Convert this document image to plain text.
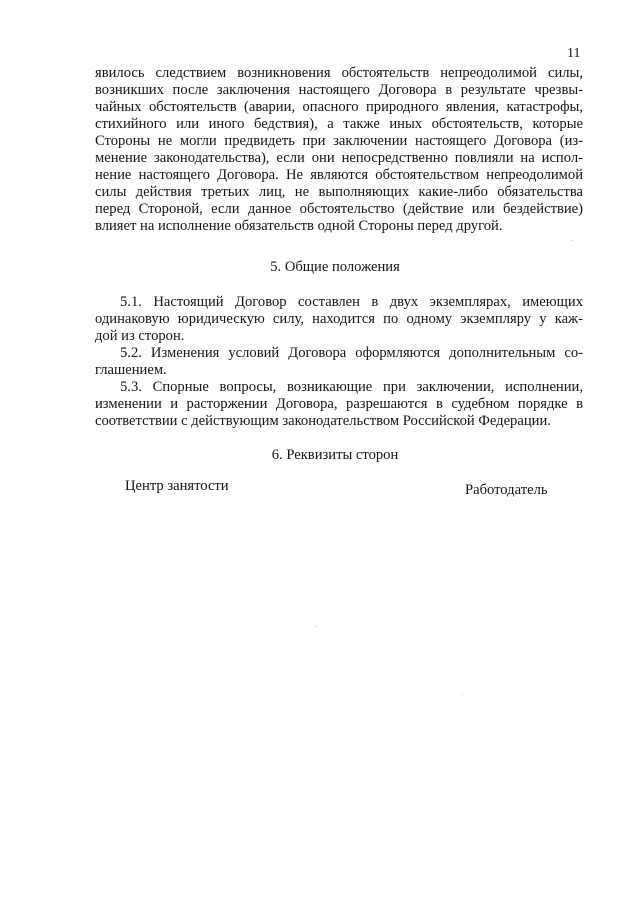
11
явилось следствием возникновения обстоятельств непреодолимой силы,
возникших после заключения настоящего Договора в результате чрезвы-
чайных обстоятельств (аварии, опасного природного явления, катастрофы,
стихийного или иного бедствия), а также иных обстоятельств, которые
Стороны не могли предвидеть при заключении настоящего Договора (из-
менение законодательства), если они непосредственно повлияли на испол-
нение настоящего Договора. Не являются обстоятельством непреодолимой
силы действия третьих лиц, не выполняющих какие-либо обязательства
перед Стороной, если данное обстоятельство (действие или бездействие)
влияет на исполнение обязательств одной Стороны перед другой.
5. Общие положения
5.1. Настоящий Договор составлен в двух экземплярах, имеющих
одинаковую юридическую силу, находится по одному экземпляру у каж-
дой из сторон.
5.2. Изменения условий Договора оформляются дополнительным со-
глашением.
5.3. Спорные вопросы, возникающие при заключении, исполнении,
изменении и расторжении Договора, разрешаются в судебном порядке в
соответствии с действующим законодательством Российской Федерации.
6. Реквизиты сторон
Центр занятости	Работодатель
